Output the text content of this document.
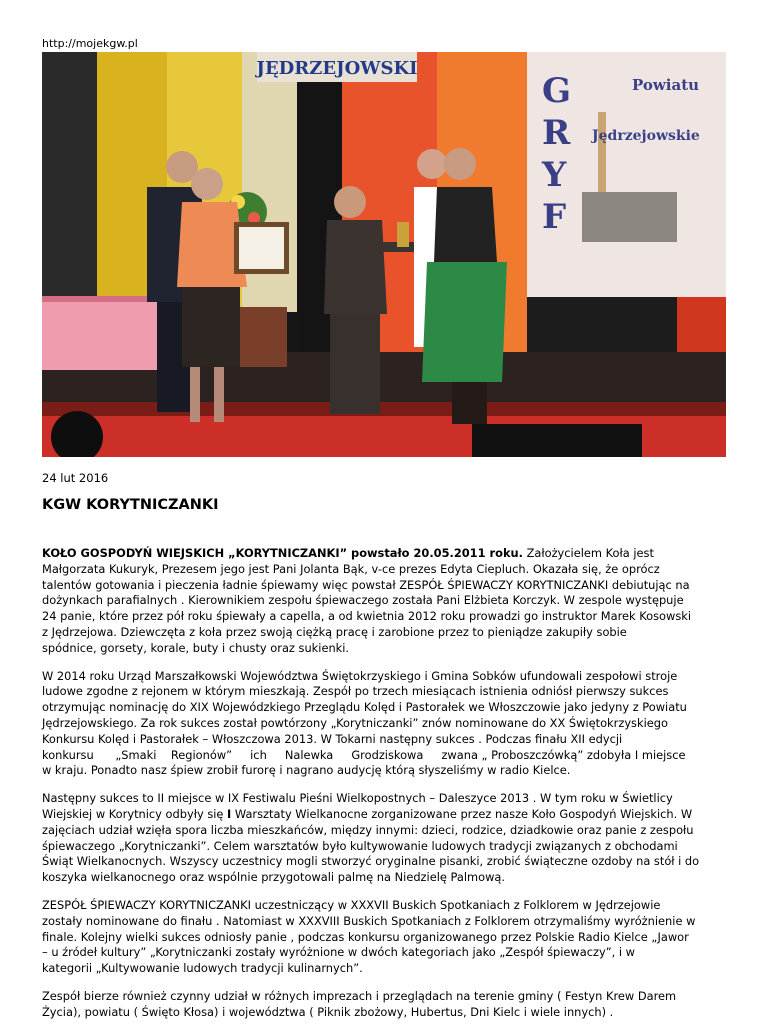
http://mojekgw.pl
JĘDRZEJOWSKI
G
R
Y
F
Powiatu
Jędrzejowskie
24 lut 2016
KGW KORYTNICZANKI

KOŁO GOSPODYŃ WIEJSKICH „KORYTNICZANKI” powstało 20.05.2011 roku. Założycielem Koła jest
Małgorzata Kukuryk, Prezesem jego jest Pani Jolanta Bąk, v-ce prezes Edyta Ciepluch. Okazała się, że oprócz
talentów gotowania i pieczenia ładnie śpiewamy więc powstał ZESPÓŁ ŚPIEWACZY KORYTNICZANKI debiutując na
dożynkach parafialnych . Kierownikiem zespołu śpiewaczego została Pani Elżbieta Korczyk. W zespole występuje
24 panie, które przez pół roku śpiewały a capella, a od kwietnia 2012 roku prowadzi go instruktor Marek Kosowski
z Jędrzejowa. Dziewczęta z koła przez swoją ciężką pracę i zarobione przez to pieniądze zakupiły sobie
spódnice, gorsety, korale, buty i chusty oraz sukienki.

W 2014 roku Urząd Marszałkowski Województwa Świętokrzyskiego i Gmina Sobków ufundowali zespołowi stroje
ludowe zgodne z rejonem w którym mieszkają. Zespół po trzech miesiącach istnienia odniósł pierwszy sukces
otrzymując nominację do XIX Wojewódzkiego Przeglądu Kolęd i Pastorałek we Włoszczowie jako jedyny z Powiatu
Jędrzejowskiego. Za rok sukces został powtórzony „Korytniczanki” znów nominowane do XX Świętokrzyskiego
Konkursu Kolęd i Pastorałek – Włoszczowa 2013. W Tokarni następny sukces . Podczas finału XII edycji
konkursu      „Smaki    Regionów”     ich     Nalewka     Grodziskowa     zwana „ Proboszczówką” zdobyła I miejsce
w kraju. Ponadto nasz śpiew zrobił furorę i nagrano audycję którą słyszeliśmy w radio Kielce.

Następny sukces to II miejsce w IX Festiwalu Pieśni Wielkopostnych – Daleszyce 2013 . W tym roku w Świetlicy
Wiejskiej w Korytnicy odbyły się I Warsztaty Wielkanocne zorganizowane przez nasze Koło Gospodyń Wiejskich. W
zajęciach udział wzięła spora liczba mieszkańców, między innymi: dzieci, rodzice, dziadkowie oraz panie z zespołu
śpiewaczego „Korytniczanki”. Celem warsztatów było kultywowanie ludowych tradycji związanych z obchodami
Świąt Wielkanocnych. Wszyscy uczestnicy mogli stworzyć oryginalne pisanki, zrobić świąteczne ozdoby na stół i do
koszyka wielkanocnego oraz wspólnie przygotowali palmę na Niedzielę Palmową.

ZESPÓŁ ŚPIEWACZY KORYTNICZANKI uczestniczący w XXXVII Buskich Spotkaniach z Folklorem w Jędrzejowie
zostały nominowane do finału . Natomiast w XXXVIII Buskich Spotkaniach z Folklorem otrzymaliśmy wyróżnienie w
finale. Kolejny wielki sukces odniosły panie , podczas konkursu organizowanego przez Polskie Radio Kielce „Jawor
– u źródeł kultury” „Korytniczanki zostały wyróżnione w dwóch kategoriach jako „Zespół śpiewaczy”, i w
kategorii „Kultywowanie ludowych tradycji kulinarnych”.

Zespół bierze również czynny udział w różnych imprezach i przeglądach na terenie gminy ( Festyn Krew Darem
Życia), powiatu ( Święto Kłosa) i województwa ( Piknik zbożowy, Hubertus, Dni Kielc i wiele innych) .
